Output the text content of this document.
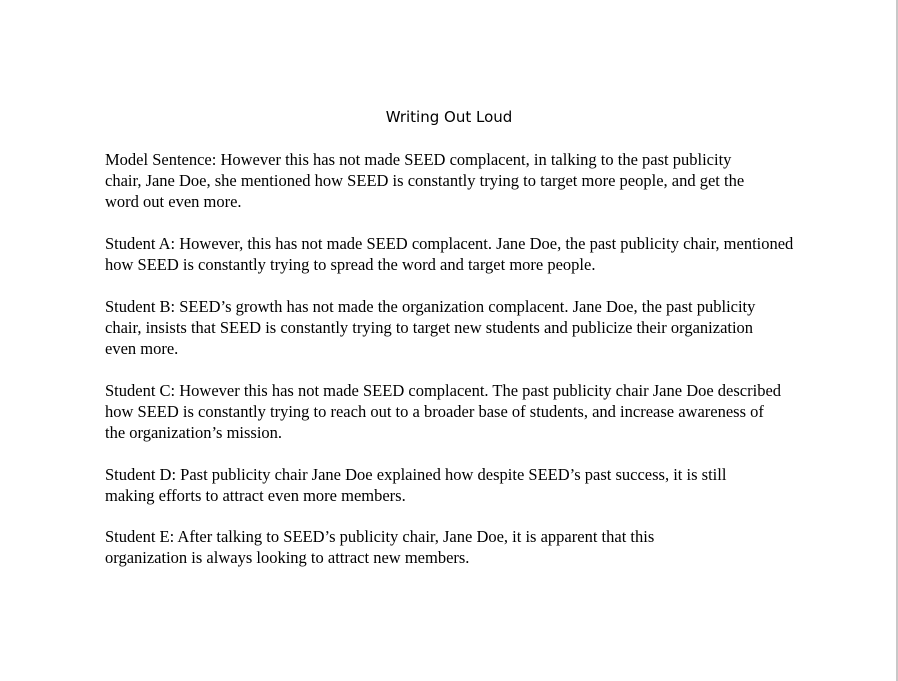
Writing Out Loud

Model Sentence: However this has not made SEED complacent, in talking to the past publicity chair, Jane Doe, she mentioned how SEED is constantly trying to target more people, and get the word out even more.

Student A: However, this has not made SEED complacent. Jane Doe, the past publicity chair, mentioned how SEED is constantly trying to spread the word and target more people.

Student B: SEED’s growth has not made the organization complacent. Jane Doe, the past publicity chair, insists that SEED is constantly trying to target new students and publicize their organization even more.

Student C: However this has not made SEED complacent. The past publicity chair Jane Doe described how SEED is constantly trying to reach out to a broader base of students, and increase awareness of the organization’s mission.

Student D: Past publicity chair Jane Doe explained how despite SEED’s past success, it is still making efforts to attract even more members.

Student E: After talking to SEED’s publicity chair, Jane Doe, it is apparent that this organization is always looking to attract new members.
